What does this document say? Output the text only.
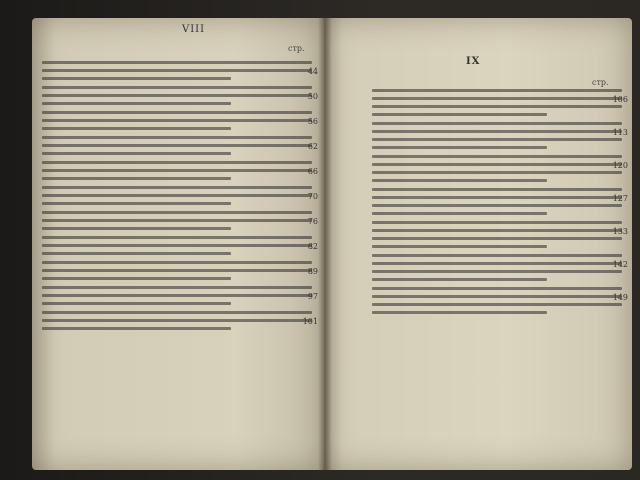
VIII
стр.
44
50
56
62
66
70
76
82
89
97
101
IX
стр.
106
113
120
127
133
142
149
